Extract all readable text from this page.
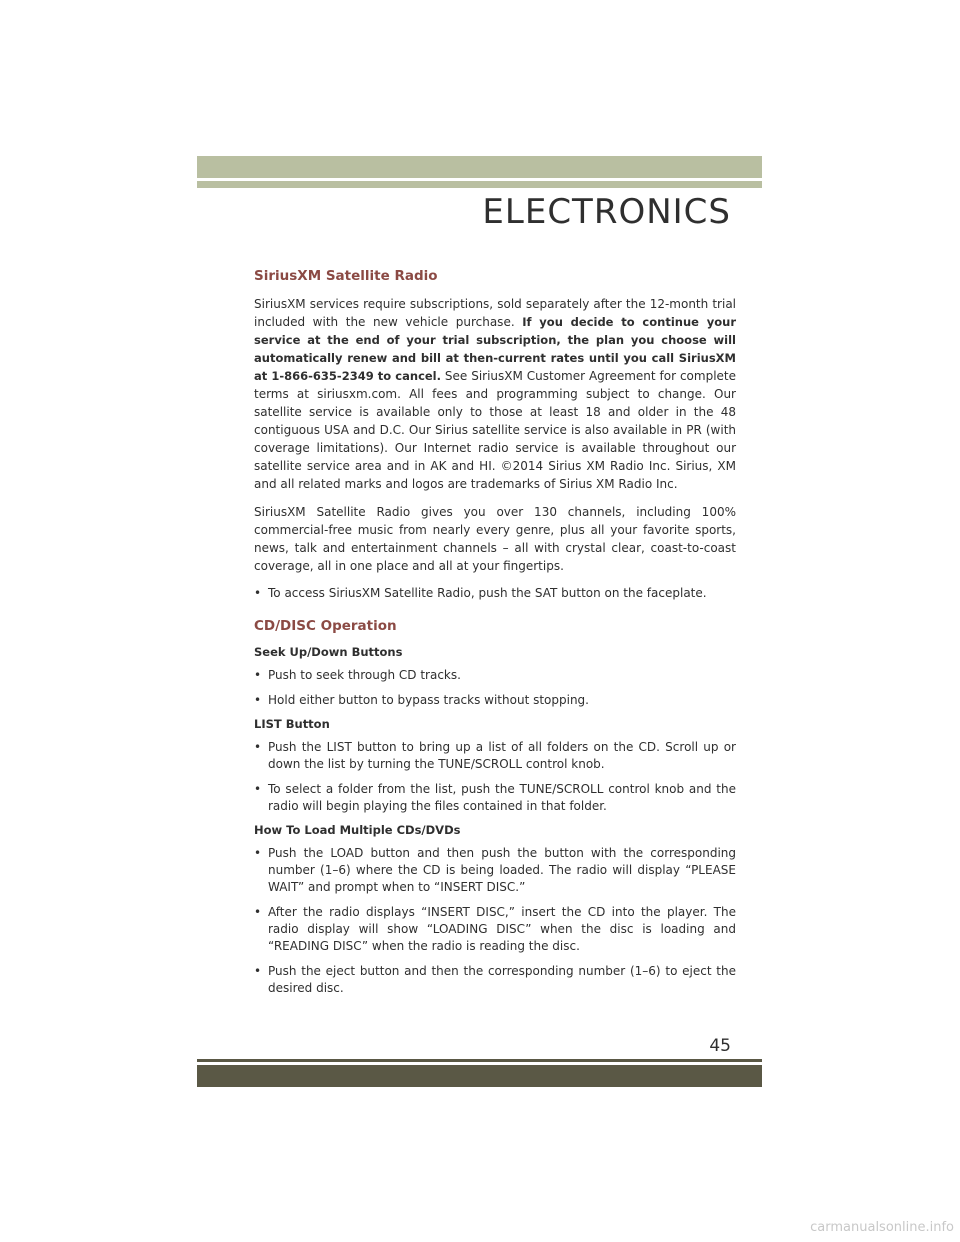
ELECTRONICS
SiriusXM Satellite Radio

SiriusXM services require subscriptions, sold separately after the 12-month trial included with the new vehicle purchase. If you decide to continue your service at the end of your trial subscription, the plan you choose will automatically renew and bill at then-current rates until you call SiriusXM at 1-866-635-2349 to cancel. See SiriusXM Customer Agreement for complete terms at siriusxm.com. All fees and programming subject to change. Our satellite service is available only to those at least 18 and older in the 48 contiguous USA and D.C. Our Sirius satellite service is also available in PR (with coverage limitations). Our Internet radio service is available throughout our satellite service area and in AK and HI. ©2014 Sirius XM Radio Inc. Sirius, XM and all related marks and logos are trademarks of Sirius XM Radio Inc.

SiriusXM Satellite Radio gives you over 130 channels, including 100% commercial-free music from nearly every genre, plus all your favorite sports, news, talk and entertainment channels – all with crystal clear, coast-to-coast coverage, all in one place and all at your fingertips.

• To access SiriusXM Satellite Radio, push the SAT button on the faceplate.
CD/DISC Operation
Seek Up/Down Buttons
• Push to seek through CD tracks.
• Hold either button to bypass tracks without stopping.
LIST Button
• Push the LIST button to bring up a list of all folders on the CD. Scroll up or down the list by turning the TUNE/SCROLL control knob.
• To select a folder from the list, push the TUNE/SCROLL control knob and the radio will begin playing the files contained in that folder.
How To Load Multiple CDs/DVDs
• Push the LOAD button and then push the button with the corresponding number (1–6) where the CD is being loaded. The radio will display “PLEASE WAIT” and prompt when to “INSERT DISC.”
• After the radio displays “INSERT DISC,” insert the CD into the player. The radio display will show “LOADING DISC” when the disc is loading and “READING DISC” when the radio is reading the disc.
• Push the eject button and then the corresponding number (1–6) to eject the desired disc.
45
carmanualsonline.info
